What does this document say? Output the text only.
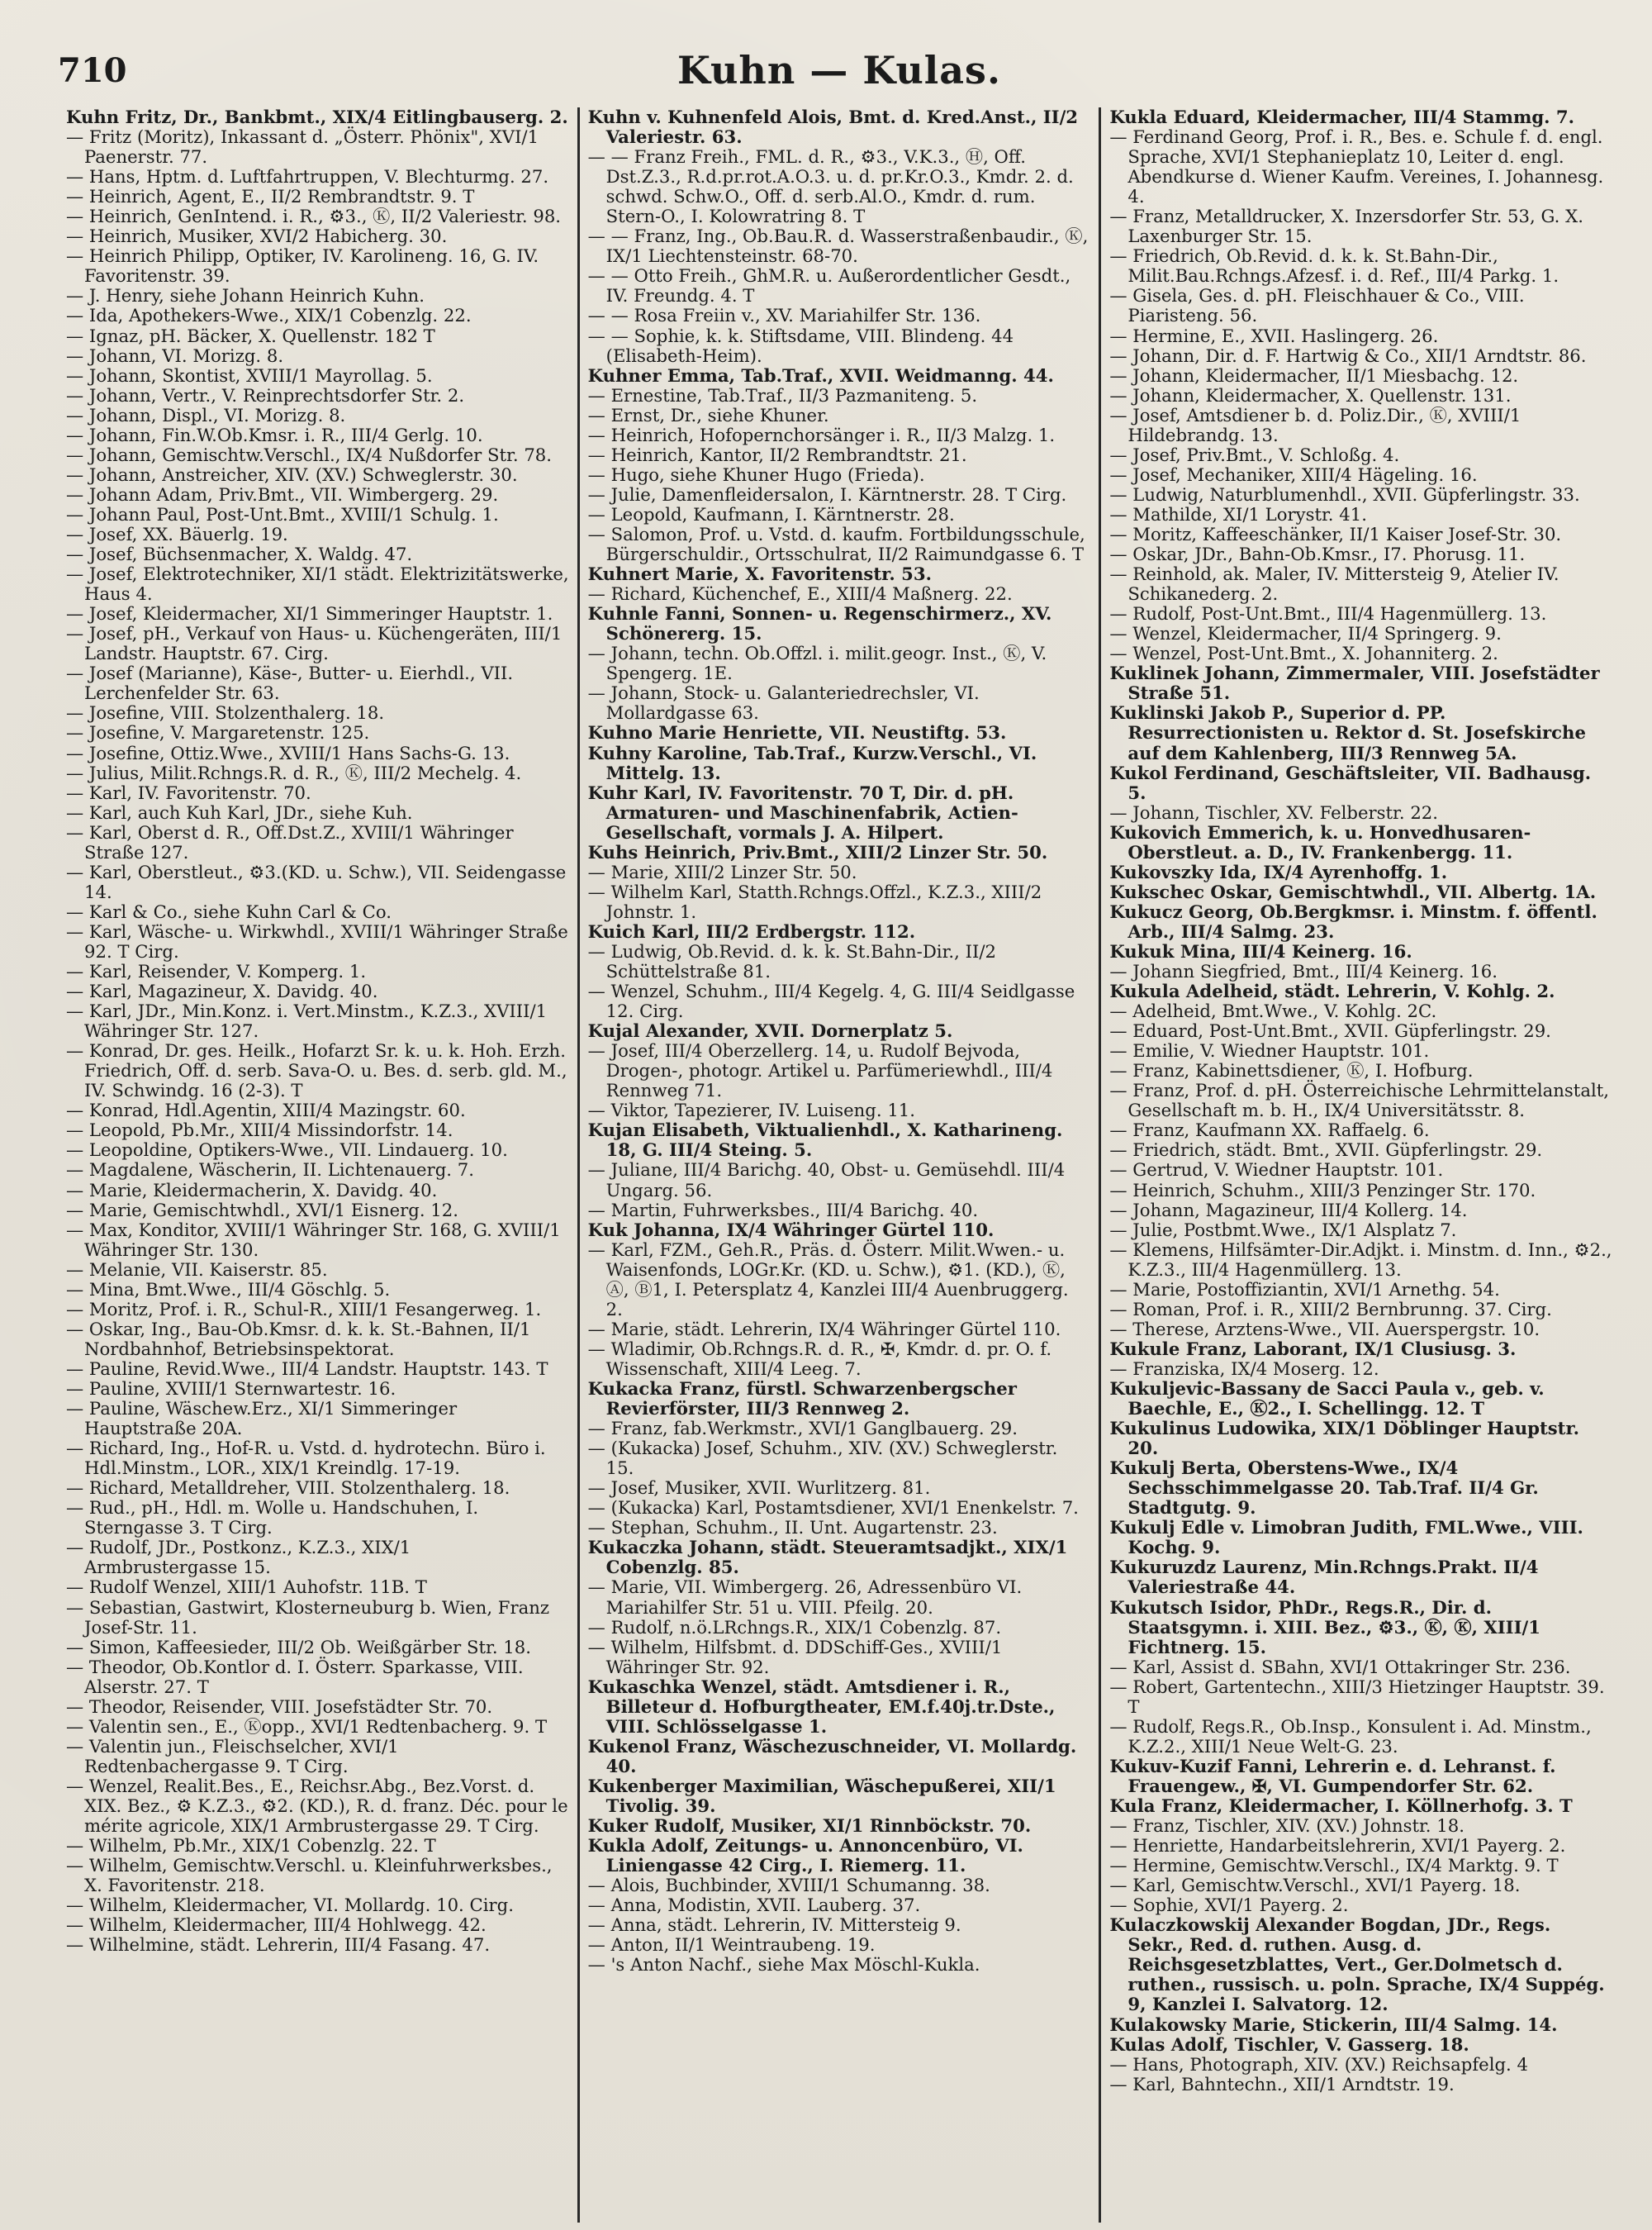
710	Kuhn — Kulas.
Kuhn Fritz, Dr., Bankbmt., XIX/4 Eitlingbauserg. 2.
— Fritz (Moritz), Inkassant d. „Österr. Phönix", XVI/1 Paenerstr. 77.
— Hans, Hptm. d. Luftfahrtruppen, V. Blechturmg. 27.
— Heinrich, Agent, E., II/2 Rembrandtstr. 9. T
— Heinrich, GenIntend. i. R., ⚙3., Ⓚ, II/2 Valeriestr. 98.
— Heinrich, Musiker, XVI/2 Habicherg. 30.
— Heinrich Philipp, Optiker, IV. Karolineng. 16, G. IV. Favoritenstr. 39.
— J. Henry, siehe Johann Heinrich Kuhn.
— Ida, Apothekers-Wwe., XIX/1 Cobenzlg. 22.
— Ignaz, pH. Bäcker, X. Quellenstr. 182 T
— Johann, VI. Morizg. 8.
— Johann, Skontist, XVIII/1 Mayrollag. 5.
— Johann, Vertr., V. Reinprechtsdorfer Str. 2.
— Johann, Displ., VI. Morizg. 8.
— Johann, Fin.W.Ob.Kmsr. i. R., III/4 Gerlg. 10.
— Johann, Gemischtw.Verschl., IX/4 Nußdorfer Str. 78.
— Johann, Anstreicher, XIV. (XV.) Schweglerstr. 30.
— Johann Adam, Priv.Bmt., VII. Wimbergerg. 29.
— Johann Paul, Post-Unt.Bmt., XVIII/1 Schulg. 1.
— Josef, XX. Bäuerlg. 19.
— Josef, Büchsenmacher, X. Waldg. 47.
— Josef, Elektrotechniker, XI/1 städt. Elektrizitätswerke, Haus 4.
— Josef, Kleidermacher, XI/1 Simmeringer Hauptstr. 1.
— Josef, pH., Verkauf von Haus- u. Küchengeräten, III/1 Landstr. Hauptstr. 67. Cirg.
— Josef (Marianne), Käse-, Butter- u. Eierhdl., VII. Lerchenfelder Str. 63.
— Josefine, VIII. Stolzenthalerg. 18.
— Josefine, V. Margaretenstr. 125.
— Josefine, Ottiz.Wwe., XVIII/1 Hans Sachs-G. 13.
— Julius, Milit.Rchngs.R. d. R., Ⓚ, III/2 Mechelg. 4.
— Karl, IV. Favoritenstr. 70.
— Karl, auch Kuh Karl, JDr., siehe Kuh.
— Karl, Oberst d. R., Off.Dst.Z., XVIII/1 Währinger Straße 127.
— Karl, Oberstleut., ⚙3.(KD. u. Schw.), VII. Seidengasse 14.
— Karl & Co., siehe Kuhn Carl & Co.
— Karl, Wäsche- u. Wirkwhdl., XVIII/1 Währinger Straße 92. T Cirg.
— Karl, Reisender, V. Komperg. 1.
— Karl, Magazineur, X. Davidg. 40.
— Karl, JDr., Min.Konz. i. Vert.Minstm., K.Z.3., XVIII/1 Währinger Str. 127.
— Konrad, Dr. ges. Heilk., Hofarzt Sr. k. u. k. Hoh. Erzh. Friedrich, Off. d. serb. Sava-O. u. Bes. d. serb. gld. M., IV. Schwindg. 16 (2-3). T
— Konrad, Hdl.Agentin, XIII/4 Mazingstr. 60.
— Leopold, Pb.Mr., XIII/4 Missindorfstr. 14.
— Leopoldine, Optikers-Wwe., VII. Lindauerg. 10.
— Magdalene, Wäscherin, II. Lichtenauerg. 7.
— Marie, Kleidermacherin, X. Davidg. 40.
— Marie, Gemischtwhdl., XVI/1 Eisnerg. 12.
— Max, Konditor, XVIII/1 Währinger Str. 168, G. XVIII/1 Währinger Str. 130.
— Melanie, VII. Kaiserstr. 85.
— Mina, Bmt.Wwe., III/4 Göschlg. 5.
— Moritz, Prof. i. R., Schul-R., XIII/1 Fesangerweg. 1.
— Oskar, Ing., Bau-Ob.Kmsr. d. k. k. St.-Bahnen, II/1 Nordbahnhof, Betriebsinspektorat.
— Pauline, Revid.Wwe., III/4 Landstr. Hauptstr. 143. T
— Pauline, XVIII/1 Sternwartestr. 16.
— Pauline, Wäschew.Erz., XI/1 Simmeringer Hauptstraße 20A.
— Richard, Ing., Hof-R. u. Vstd. d. hydrotechn. Büro i. Hdl.Minstm., LOR., XIX/1 Kreindlg. 17-19.
— Richard, Metalldreher, VIII. Stolzenthalerg. 18.
— Rud., pH., Hdl. m. Wolle u. Handschuhen, I. Sterngasse 3. T Cirg.
— Rudolf, JDr., Postkonz., K.Z.3., XIX/1 Armbrustergasse 15.
— Rudolf Wenzel, XIII/1 Auhofstr. 11B. T
— Sebastian, Gastwirt, Klosterneuburg b. Wien, Franz Josef-Str. 11.
— Simon, Kaffeesieder, III/2 Ob. Weißgärber Str. 18.
— Theodor, Ob.Kontlor d. I. Österr. Sparkasse, VIII. Alserstr. 27. T
— Theodor, Reisender, VIII. Josefstädter Str. 70.
— Valentin sen., E., Ⓚopp., XVI/1 Redtenbacherg. 9. T
— Valentin jun., Fleischselcher, XVI/1 Redtenbachergasse 9. T Cirg.
— Wenzel, Realit.Bes., E., Reichsr.Abg., Bez.Vorst. d. XIX. Bez., ⚙ K.Z.3., ⚙2. (KD.), R. d. franz. Déc. pour le mérite agricole, XIX/1 Armbrustergasse 29. T Cirg.
— Wilhelm, Pb.Mr., XIX/1 Cobenzlg. 22. T
— Wilhelm, Gemischtw.Verschl. u. Kleinfuhrwerksbes., X. Favoritenstr. 218.
— Wilhelm, Kleidermacher, VI. Mollardg. 10. Cirg.
— Wilhelm, Kleidermacher, III/4 Hohlwegg. 42.
— Wilhelmine, städt. Lehrerin, III/4 Fasang. 47.
Kuhn v. Kuhnenfeld Alois, Bmt. d. Kred.Anst., II/2 Valeriestr. 63.
— — Franz Freih., FML. d. R., ⚙3., V.K.3., Ⓗ, Off. Dst.Z.3., R.d.pr.rot.A.O.3. u. d. pr.Kr.O.3., Kmdr. 2. d. schwd. Schw.O., Off. d. serb.Al.O., Kmdr. d. rum. Stern-O., I. Kolowratring 8. T
— — Franz, Ing., Ob.Bau.R. d. Wasserstraßenbaudir., Ⓚ, IX/1 Liechtensteinstr. 68-70.
— — Otto Freih., GhM.R. u. Außerordentlicher Gesdt., IV. Freundg. 4. T
— — Rosa Freiin v., XV. Mariahilfer Str. 136.
— — Sophie, k. k. Stiftsdame, VIII. Blindeng. 44 (Elisabeth-Heim).
Kuhner Emma, Tab.Traf., XVII. Weidmanng. 44.
— Ernestine, Tab.Traf., II/3 Pazmaniteng. 5.
— Ernst, Dr., siehe Khuner.
— Heinrich, Hofopernchorsänger i. R., II/3 Malzg. 1.
— Heinrich, Kantor, II/2 Rembrandtstr. 21.
— Hugo, siehe Khuner Hugo (Frieda).
— Julie, Damenfleidersalon, I. Kärntnerstr. 28. T Cirg.
— Leopold, Kaufmann, I. Kärntnerstr. 28.
— Salomon, Prof. u. Vstd. d. kaufm. Fortbildungsschule, Bürgerschuldir., Ortsschulrat, II/2 Raimundgasse 6. T
Kuhnert Marie, X. Favoritenstr. 53.
— Richard, Küchenchef, E., XIII/4 Maßnerg. 22.
Kuhnle Fanni, Sonnen- u. Regenschirmerz., XV. Schönererg. 15.
— Johann, techn. Ob.Offzl. i. milit.geogr. Inst., Ⓚ, V. Spengerg. 1E.
— Johann, Stock- u. Galanteriedrechsler, VI. Mollardgasse 63.
Kuhno Marie Henriette, VII. Neustiftg. 53.
Kuhny Karoline, Tab.Traf., Kurzw.Verschl., VI. Mittelg. 13.
Kuhr Karl, IV. Favoritenstr. 70 T, Dir. d. pH. Armaturen- und Maschinenfabrik, Actien-Gesellschaft, vormals J. A. Hilpert.
Kuhs Heinrich, Priv.Bmt., XIII/2 Linzer Str. 50.
— Marie, XIII/2 Linzer Str. 50.
— Wilhelm Karl, Statth.Rchngs.Offzl., K.Z.3., XIII/2 Johnstr. 1.
Kuich Karl, III/2 Erdbergstr. 112.
— Ludwig, Ob.Revid. d. k. k. St.Bahn-Dir., II/2 Schüttelstraße 81.
— Wenzel, Schuhm., III/4 Kegelg. 4, G. III/4 Seidlgasse 12. Cirg.
Kujal Alexander, XVII. Dornerplatz 5.
— Josef, III/4 Oberzellerg. 14, u. Rudolf Bejvoda, Drogen-, photogr. Artikel u. Parfümeriewhdl., III/4 Rennweg 71.
— Viktor, Tapezierer, IV. Luiseng. 11.
Kujan Elisabeth, Viktualienhdl., X. Katharineng. 18, G. III/4 Steing. 5.
— Juliane, III/4 Barichg. 40, Obst- u. Gemüsehdl. III/4 Ungarg. 56.
— Martin, Fuhrwerksbes., III/4 Barichg. 40.
Kuk Johanna, IX/4 Währinger Gürtel 110.
— Karl, FZM., Geh.R., Präs. d. Österr. Milit.Wwen.- u. Waisenfonds, LOGr.Kr. (KD. u. Schw.), ⚙1. (KD.), Ⓚ, Ⓐ, Ⓑ1, I. Petersplatz 4, Kanzlei III/4 Auenbruggerg. 2.
— Marie, städt. Lehrerin, IX/4 Währinger Gürtel 110.
— Wladimir, Ob.Rchngs.R. d. R., ✠, Kmdr. d. pr. O. f. Wissenschaft, XIII/4 Leeg. 7.
Kukacka Franz, fürstl. Schwarzenbergscher Revierförster, III/3 Rennweg 2.
— Franz, fab.Werkmstr., XVI/1 Ganglbauerg. 29.
— (Kukacka) Josef, Schuhm., XIV. (XV.) Schweglerstr. 15.
— Josef, Musiker, XVII. Wurlitzerg. 81.
— (Kukacka) Karl, Postamtsdiener, XVI/1 Enenkelstr. 7.
— Stephan, Schuhm., II. Unt. Augartenstr. 23.
Kukaczka Johann, städt. Steueramtsadjkt., XIX/1 Cobenzlg. 85.
— Marie, VII. Wimbergerg. 26, Adressenbüro VI. Mariahilfer Str. 51 u. VIII. Pfeilg. 20.
— Rudolf, n.ö.LRchngs.R., XIX/1 Cobenzlg. 87.
— Wilhelm, Hilfsbmt. d. DDSchiff-Ges., XVIII/1 Währinger Str. 92.
Kukaschka Wenzel, städt. Amtsdiener i. R., Billeteur d. Hofburgtheater, EM.f.40j.tr.Dste., VIII. Schlösselgasse 1.
Kukenol Franz, Wäschezuschneider, VI. Mollardg. 40.
Kukenberger Maximilian, Wäschepußerei, XII/1 Tivolig. 39.
Kuker Rudolf, Musiker, XI/1 Rinnböckstr. 70.
Kukla Adolf, Zeitungs- u. Annoncenbüro, VI. Liniengasse 42 Cirg., I. Riemerg. 11.
— Alois, Buchbinder, XVIII/1 Schumanng. 38.
— Anna, Modistin, XVII. Lauberg. 37.
— Anna, städt. Lehrerin, IV. Mittersteig 9.
— Anton, II/1 Weintraubeng. 19.
— 's Anton Nachf., siehe Max Möschl-Kukla.
Kukla Eduard, Kleidermacher, III/4 Stammg. 7.
— Ferdinand Georg, Prof. i. R., Bes. e. Schule f. d. engl. Sprache, XVI/1 Stephanieplatz 10, Leiter d. engl. Abendkurse d. Wiener Kaufm. Vereines, I. Johannesg. 4.
— Franz, Metalldrucker, X. Inzersdorfer Str. 53, G. X. Laxenburger Str. 15.
— Friedrich, Ob.Revid. d. k. k. St.Bahn-Dir., Milit.Bau.Rchngs.Afzesf. i. d. Ref., III/4 Parkg. 1.
— Gisela, Ges. d. pH. Fleischhauer & Co., VIII. Piaristeng. 56.
— Hermine, E., XVII. Haslingerg. 26.
— Johann, Dir. d. F. Hartwig & Co., XII/1 Arndtstr. 86.
— Johann, Kleidermacher, II/1 Miesbachg. 12.
— Johann, Kleidermacher, X. Quellenstr. 131.
— Josef, Amtsdiener b. d. Poliz.Dir., Ⓚ, XVIII/1 Hildebrandg. 13.
— Josef, Priv.Bmt., V. Schloßg. 4.
— Josef, Mechaniker, XIII/4 Hägeling. 16.
— Ludwig, Naturblumenhdl., XVII. Güpferlingstr. 33.
— Mathilde, XI/1 Lorystr. 41.
— Moritz, Kaffeeschänker, II/1 Kaiser Josef-Str. 30.
— Oskar, JDr., Bahn-Ob.Kmsr., I7. Phorusg. 11.
— Reinhold, ak. Maler, IV. Mittersteig 9, Atelier IV. Schikanederg. 2.
— Rudolf, Post-Unt.Bmt., III/4 Hagenmüllerg. 13.
— Wenzel, Kleidermacher, II/4 Springerg. 9.
— Wenzel, Post-Unt.Bmt., X. Johanniterg. 2.
Kuklinek Johann, Zimmermaler, VIII. Josefstädter Straße 51.
Kuklinski Jakob P., Superior d. PP. Resurrectionisten u. Rektor d. St. Josefskirche auf dem Kahlenberg, III/3 Rennweg 5A.
Kukol Ferdinand, Geschäftsleiter, VII. Badhausg. 5.
— Johann, Tischler, XV. Felberstr. 22.
Kukovich Emmerich, k. u. Honvedhusaren-Oberstleut. a. D., IV. Frankenbergg. 11.
Kukovszky Ida, IX/4 Ayrenhoffg. 1.
Kukschec Oskar, Gemischtwhdl., VII. Albertg. 1A.
Kukucz Georg, Ob.Bergkmsr. i. Minstm. f. öffentl. Arb., III/4 Salmg. 23.
Kukuk Mina, III/4 Keinerg. 16.
— Johann Siegfried, Bmt., III/4 Keinerg. 16.
Kukula Adelheid, städt. Lehrerin, V. Kohlg. 2.
— Adelheid, Bmt.Wwe., V. Kohlg. 2C.
— Eduard, Post-Unt.Bmt., XVII. Güpferlingstr. 29.
— Emilie, V. Wiedner Hauptstr. 101.
— Franz, Kabinettsdiener, Ⓚ, I. Hofburg.
— Franz, Prof. d. pH. Österreichische Lehrmittelanstalt, Gesellschaft m. b. H., IX/4 Universitätsstr. 8.
— Franz, Kaufmann XX. Raffaelg. 6.
— Friedrich, städt. Bmt., XVII. Güpferlingstr. 29.
— Gertrud, V. Wiedner Hauptstr. 101.
— Heinrich, Schuhm., XIII/3 Penzinger Str. 170.
— Johann, Magazineur, III/4 Kollerg. 14.
— Julie, Postbmt.Wwe., IX/1 Alsplatz 7.
— Klemens, Hilfsämter-Dir.Adjkt. i. Minstm. d. Inn., ⚙2., K.Z.3., III/4 Hagenmüllerg. 13.
— Marie, Postoffiziantin, XVI/1 Arnethg. 54.
— Roman, Prof. i. R., XIII/2 Bernbrunng. 37. Cirg.
— Therese, Arztens-Wwe., VII. Auerspergstr. 10.
Kukule Franz, Laborant, IX/1 Clusiusg. 3.
— Franziska, IX/4 Moserg. 12.
Kukuljevic-Bassany de Sacci Paula v., geb. v. Baechle, E., Ⓚ2., I. Schellingg. 12. T
Kukulinus Ludowika, XIX/1 Döblinger Hauptstr. 20.
Kukulj Berta, Oberstens-Wwe., IX/4 Sechsschimmelgasse 20. Tab.Traf. II/4 Gr. Stadtgutg. 9.
Kukulj Edle v. Limobran Judith, FML.Wwe., VIII. Kochg. 9.
Kukuruzdz Laurenz, Min.Rchngs.Prakt. II/4 Valeriestraße 44.
Kukutsch Isidor, PhDr., Regs.R., Dir. d. Staatsgymn. i. XIII. Bez., ⚙3., Ⓚ, Ⓚ, XIII/1 Fichtnerg. 15.
— Karl, Assist d. SBahn, XVI/1 Ottakringer Str. 236.
— Robert, Gartentechn., XIII/3 Hietzinger Hauptstr. 39. T
— Rudolf, Regs.R., Ob.Insp., Konsulent i. Ad. Minstm., K.Z.2., XIII/1 Neue Welt-G. 23.
Kukuv-Kuzif Fanni, Lehrerin e. d. Lehranst. f. Frauengew., ✠, VI. Gumpendorfer Str. 62.
Kula Franz, Kleidermacher, I. Köllnerhofg. 3. T
— Franz, Tischler, XIV. (XV.) Johnstr. 18.
— Henriette, Handarbeitslehrerin, XVI/1 Payerg. 2.
— Hermine, Gemischtw.Verschl., IX/4 Marktg. 9. T
— Karl, Gemischtw.Verschl., XVI/1 Payerg. 18.
— Sophie, XVI/1 Payerg. 2.
Kulaczkowskij Alexander Bogdan, JDr., Regs. Sekr., Red. d. ruthen. Ausg. d. Reichsgesetzblattes, Vert., Ger.Dolmetsch d. ruthen., russisch. u. poln. Sprache, IX/4 Suppég. 9, Kanzlei I. Salvatorg. 12.
Kulakowsky Marie, Stickerin, III/4 Salmg. 14.
Kulas Adolf, Tischler, V. Gasserg. 18.
— Hans, Photograph, XIV. (XV.) Reichsapfelg. 4
— Karl, Bahntechn., XII/1 Arndtstr. 19.
